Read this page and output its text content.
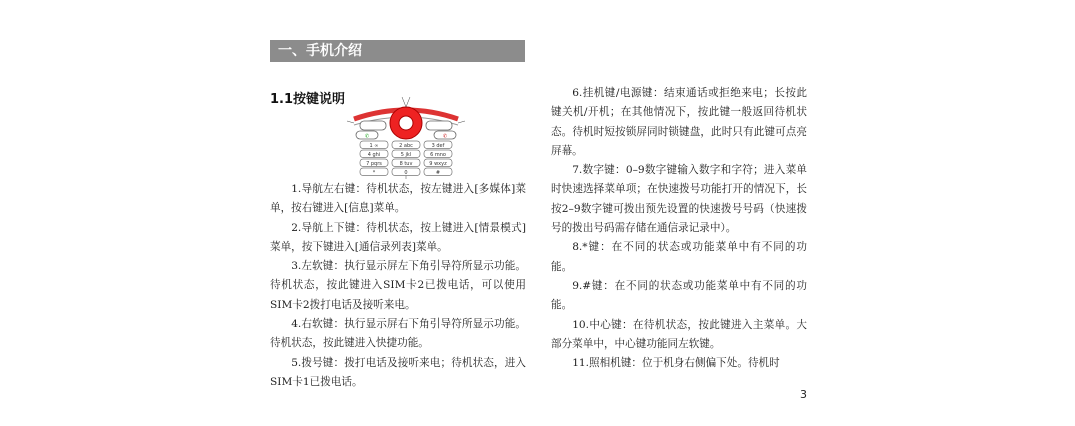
一、手机介绍
1.1按键说明
✆	✆
1 ∞	2 abc	3 def
4 ghi	5 jkl	6 mno
7 pqrs	8 tuv	9 wxyz
*	0	#

1.导航左右键：待机状态，按左键进入[多媒体]菜单，按右键进入[信息]菜单。

2.导航上下键：待机状态，按上键进入[情景模式]菜单，按下键进入[通信录列表]菜单。

3.左软键：执行显示屏左下角引导符所显示功能。待机状态，按此键进入SIM卡2已拨电话，可以使用SIM卡2拨打电话及接听来电。

4.右软键：执行显示屏右下角引导符所显示功能。待机状态，按此键进入快捷功能。

5.拨号键：拨打电话及接听来电；待机状态，进入SIM卡1已拨电话。

6.挂机键/电源键：结束通话或拒绝来电；长按此键关机/开机；在其他情况下，按此键一般返回待机状态。待机时短按锁屏同时锁键盘，此时只有此键可点亮屏幕。

7.数字键：0–9数字键输入数字和字符；进入菜单时快速选择菜单项；在快速拨号功能打开的情况下，长按2–9数字键可拨出预先设置的快速拨号号码（快速拨号的拨出号码需存储在通信录记录中）。

8.*键：在不同的状态或功能菜单中有不同的功能。

9.#键：在不同的状态或功能菜单中有不同的功能。

10.中心键：在待机状态，按此键进入主菜单。大部分菜单中，中心键功能同左软键。

11.照相机键：位于机身右侧偏下处。待机时

3
